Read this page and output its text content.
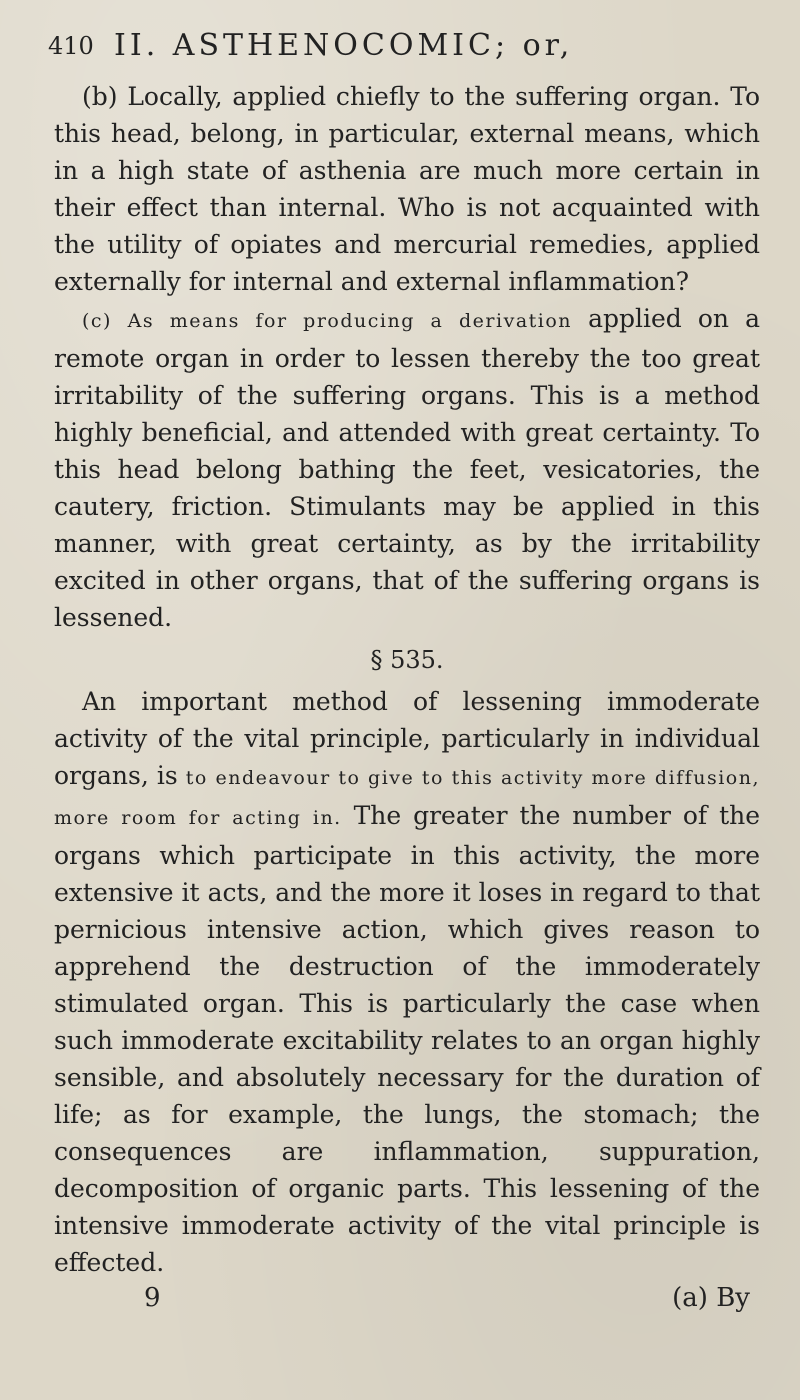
410 II. ASTHENOCOMIC; or,

(b) Locally, applied chiefly to the suffering organ. To this head, belong, in particular, external means, which in a high state of asthenia are much more certain in their effect than internal. Who is not acquainted with the utility of opiates and mercurial remedies, applied externally for internal and external inflammation?

(c) As means for producing a derivation applied on a remote organ in order to lessen thereby the too great irritability of the suffering organs. This is a method highly beneficial, and attended with great certainty. To this head belong bathing the feet, vesicatories, the cautery, friction. Stimulants may be applied in this manner, with great certainty, as by the irritability excited in other organs, that of the suffering organs is lessened.

§ 535.

An important method of lessening immoderate activity of the vital principle, particularly in individual organs, is to endeavour to give to this activity more diffusion, more room for acting in. The greater the number of the organs which participate in this activity, the more extensive it acts, and the more it loses in regard to that pernicious intensive action, which gives reason to apprehend the destruction of the immoderately stimulated organ. This is particularly the case when such immoderate excitability relates to an organ highly sensible, and absolutely necessary for the duration of life; as for example, the lungs, the stomach; the consequences are inflammation, suppuration, decomposition of organic parts. This lessening of the intensive immoderate activity of the vital principle is effected.

9	(a) By
